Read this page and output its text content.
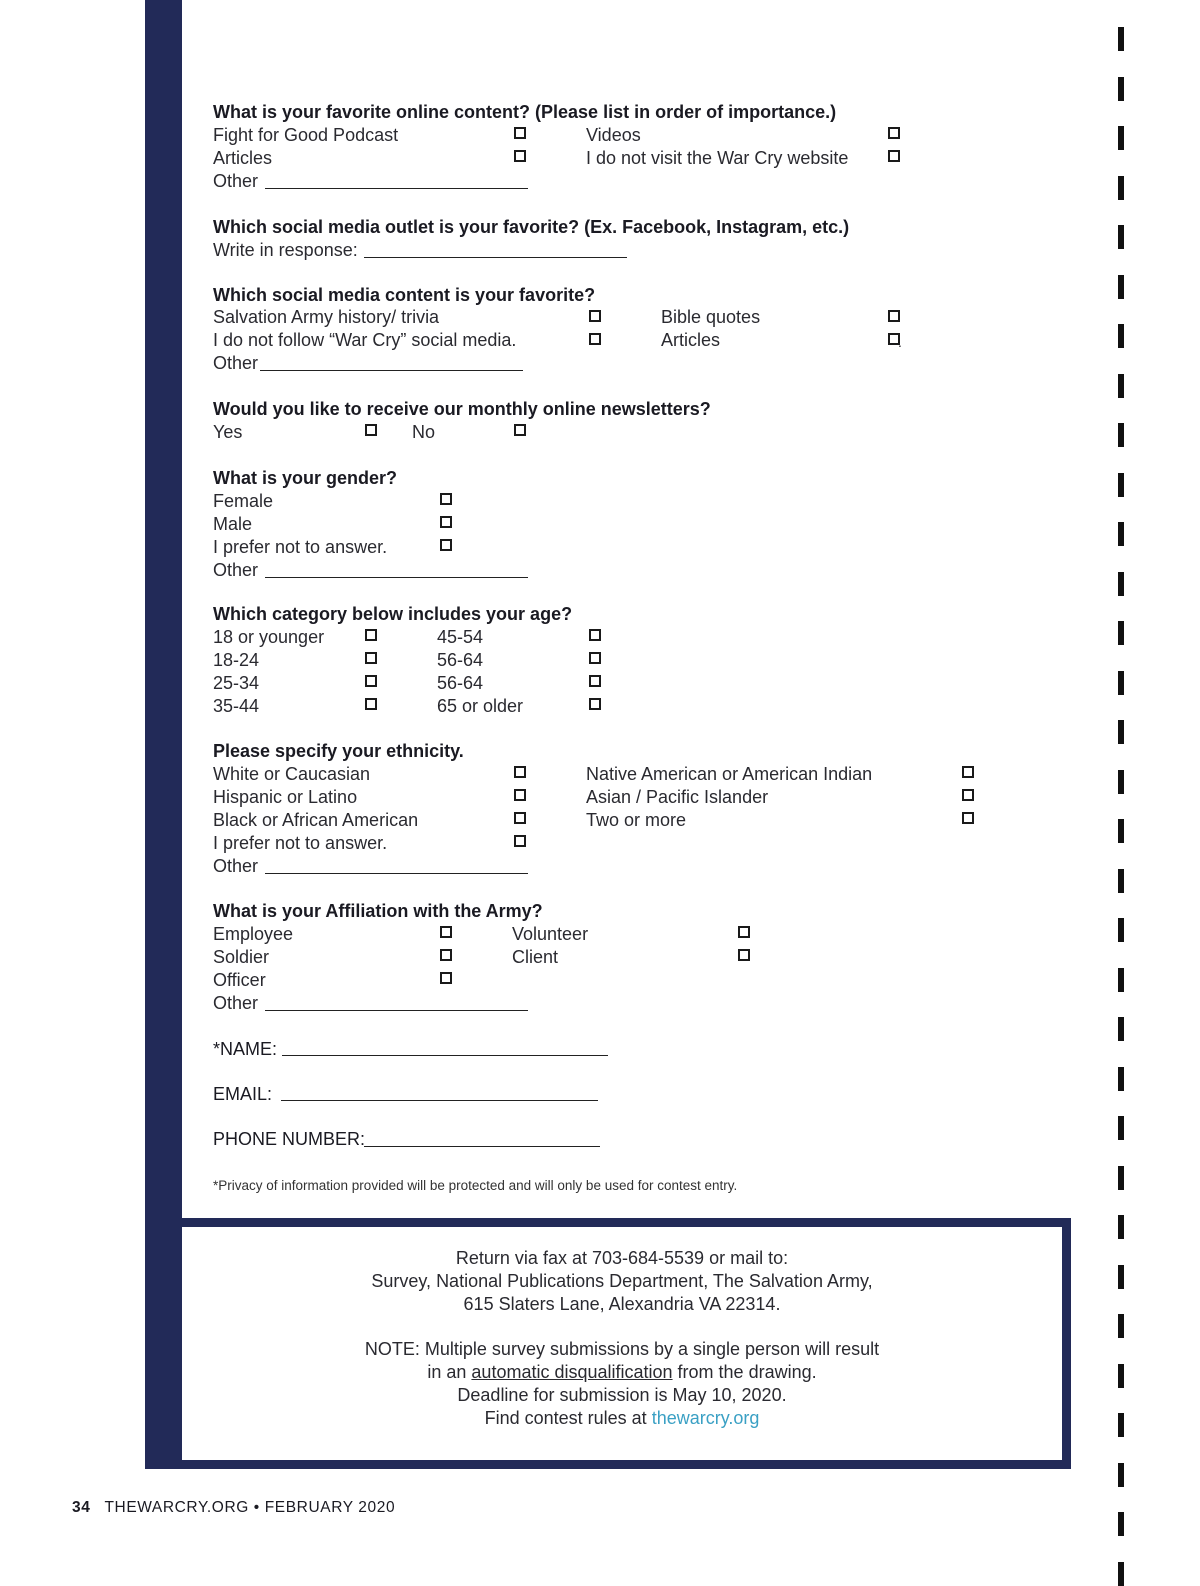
What is your favorite online content? (Please list in order of importance.)
Fight for Good Podcast	Videos
Articles	I do not visit the War Cry website
Other
Which social media outlet is your favorite? (Ex. Facebook, Instagram, etc.)
Write in response:
Which social media content is your favorite?
Salvation Army history/ trivia	Bible quotes
I do not follow “War Cry” social media.	Articles	.
Other
Would you like to receive our monthly online newsletters?
Yes	No
What is your gender?
Female
Male
I prefer not to answer.
Other
Which category below includes your age?
18 or younger	45-54
18-24	56-64
25-34	56-64
35-44	65 or older
Please specify your ethnicity.
White or Caucasian	Native American or American Indian
Hispanic or Latino	Asian / Pacific Islander
Black or African American	Two or more
I prefer not to answer.
Other
What is your Affiliation with the Army?
Employee	Volunteer
Soldier	Client
Officer
Other
*NAME:
EMAIL:
PHONE NUMBER:
*Privacy of information provided will be protected and will only be used for contest entry.
Return via fax at 703-684-5539 or mail to:
Survey, National Publications Department, The Salvation Army,
615 Slaters Lane, Alexandria VA 22314.
NOTE: Multiple survey submissions by a single person will result
in an automatic disqualification from the drawing.
Deadline for submission is May 10, 2020.
Find contest rules at thewarcry.org
34 THEWARCRY.ORG • FEBRUARY 2020
